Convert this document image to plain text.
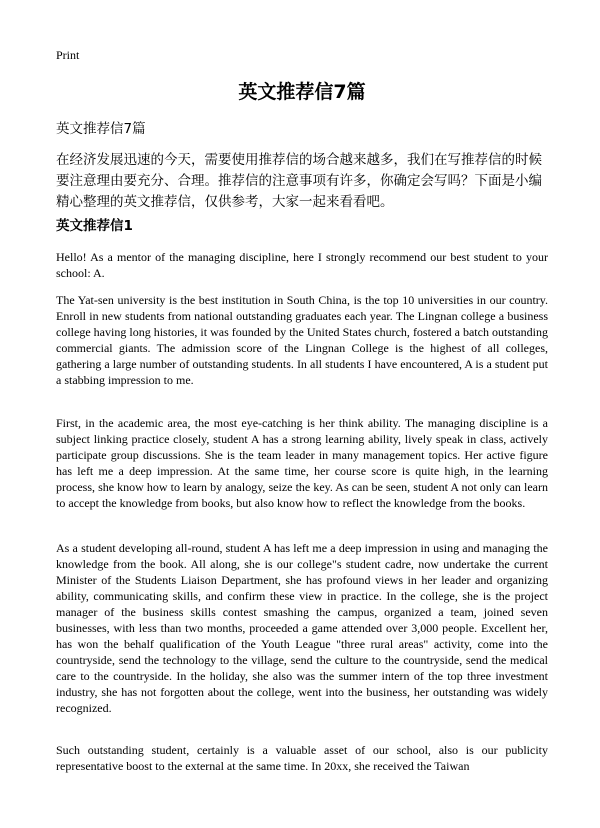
Print
英文推荐信7篇
英文推荐信7篇

在经济发展迅速的今天，需要使用推荐信的场合越来越多，我们在写推荐信的时候要注意理由要充分、合理。推荐信的注意事项有许多，你确定会写吗？下面是小编精心整理的英文推荐信，仅供参考，大家一起来看看吧。

英文推荐信1

Hello! As a mentor of the managing discipline, here I strongly recommend our best student to your school: A.

The Yat-sen university is the best institution in South China, is the top 10 universities in our country. Enroll in new students from national outstanding graduates each year. The Lingnan college a business college having long histories, it was founded by the United States church, fostered a batch outstanding commercial giants. The admission score of the Lingnan College is the highest of all colleges, gathering a large number of outstanding students. In all students I have encountered, A is a student put a stabbing impression to me.

First, in the academic area, the most eye-catching is her think ability. The managing discipline is a subject linking practice closely, student A has a strong learning ability, lively speak in class, actively participate group discussions. She is the team leader in many management topics. Her active figure has left me a deep impression. At the same time, her course score is quite high, in the learning process, she know how to learn by analogy, seize the key. As can be seen, student A not only can learn to accept the knowledge from books, but also know how to reflect the knowledge from the books.

As a student developing all-round, student A has left me a deep impression in using and managing the knowledge from the book. All along, she is our college"s student cadre, now undertake the current Minister of the Students Liaison Department, she has profound views in her leader and organizing ability, communicating skills, and confirm these view in practice. In the college, she is the project manager of the business skills contest smashing the campus, organized a team, joined seven businesses, with less than two months, proceeded a game attended over 3,000 people. Excellent her, has won the behalf qualification of the Youth League "three rural areas" activity, come into the countryside, send the technology to the village, send the culture to the countryside, send the medical care to the countryside. In the holiday, she also was the summer intern of the top three investment industry, she has not forgotten about the college, went into the business, her outstanding was widely recognized.

Such outstanding student, certainly is a valuable asset of our school, also is our publicity representative boost to the external at the same time. In 20xx, she received the Taiwan
